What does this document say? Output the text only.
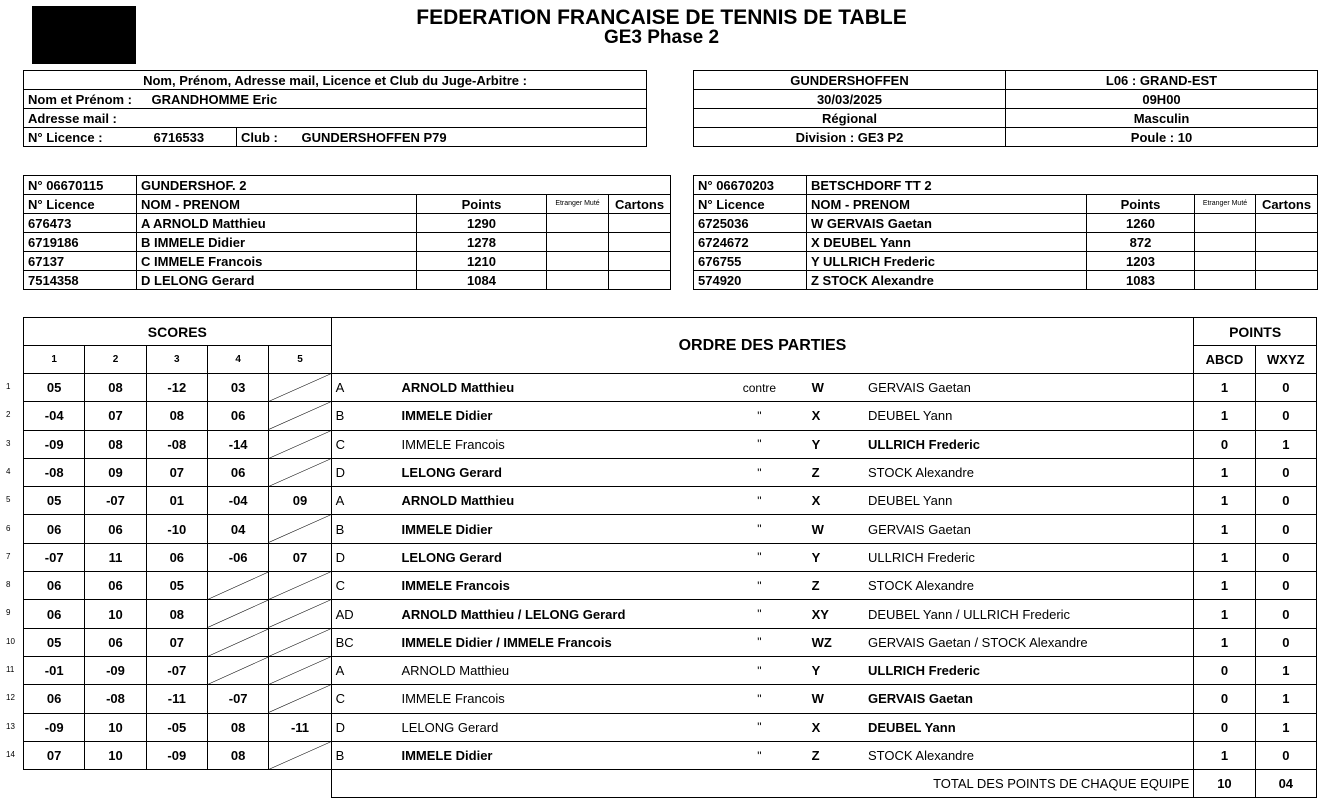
FEDERATION FRANCAISE DE TENNIS DE TABLE
GE3 Phase 2
Nom, Prénom, Adresse mail, Licence et Club du Juge-Arbitre :		
Nom et Prénom :	GRANDHOMME Eric	
Adresse mail :		
N° Licence :	6716533	Club : GUNDERSHOFFEN P79
GUNDERSHOFFEN	L06 : GRAND-EST
30/03/2025	09H00
Régional	Masculin
Division : GE3 P2	Poule : 10
N° 06670115	GUNDERSHOF. 2			
N° Licence	NOM - PRENOM	Points	Etranger Muté	Cartons
676473	A ARNOLD Matthieu	1290		
6719186	B IMMELE Didier	1278		
67137	C IMMELE Francois	1210		
7514358	D LELONG Gerard	1084		
N° 06670203	BETSCHDORF TT 2			
N° Licence	NOM - PRENOM	Points	Etranger Muté	Cartons
6725036	W GERVAIS Gaetan	1260		
6724672	X DEUBEL Yann	872		
676755	Y ULLRICH Frederic	1203		
574920	Z STOCK Alexandre	1083		
SCORES					ORDRE DES PARTIES					POINTS	
1	2	3	4	5						ABCD	WXYZ
05	08	-12	03		A	ARNOLD Matthieu	contre	W	GERVAIS Gaetan	1	0
-04	07	08	06		B	IMMELE Didier	"	X	DEUBEL Yann	1	0
-09	08	-08	-14		C	IMMELE Francois	"	Y	ULLRICH Frederic	0	1
-08	09	07	06		D	LELONG Gerard	"	Z	STOCK Alexandre	1	0
05	-07	01	-04	09	A	ARNOLD Matthieu	"	X	DEUBEL Yann	1	0
06	06	-10	04		B	IMMELE Didier	"	W	GERVAIS Gaetan	1	0
-07	11	06	-06	07	D	LELONG Gerard	"	Y	ULLRICH Frederic	1	0
06	06	05			C	IMMELE Francois	"	Z	STOCK Alexandre	1	0
06	10	08			AD	ARNOLD Matthieu / LELONG Gerard	"	XY	DEUBEL Yann / ULLRICH Frederic	1	0
05	06	07			BC	IMMELE Didier / IMMELE Francois	"	WZ	GERVAIS Gaetan / STOCK Alexandre	1	0
-01	-09	-07			A	ARNOLD Matthieu	"	Y	ULLRICH Frederic	0	1
06	-08	-11	-07		C	IMMELE Francois	"	W	GERVAIS Gaetan	0	1
-09	10	-05	08	-11	D	LELONG Gerard	"	X	DEUBEL Yann	0	1
07	10	-09	08		B	IMMELE Didier	"	Z	STOCK Alexandre	1	0
					TOTAL DES POINTS DE CHAQUE EQUIPE					10	04
1
2
3
4
5
6
7
8
9
10
11
12
13
14
